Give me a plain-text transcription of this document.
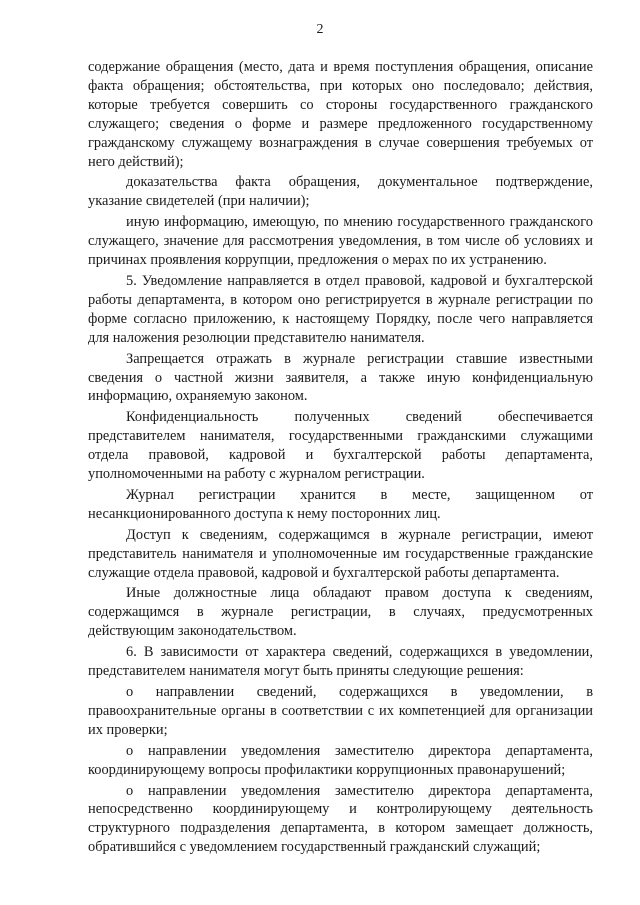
2

содержание обращения (место, дата и время поступления обращения, описание факта обращения; обстоятельства, при которых оно последовало; действия, которые требуется совершить со стороны государственного гражданского служащего; сведения о форме и размере предложенного государственному гражданскому служащему вознаграждения в случае совершения требуемых от него действий);

доказательства факта обращения, документальное подтверждение, указание свидетелей (при наличии);

иную информацию, имеющую, по мнению государственного гражданского служащего, значение для рассмотрения уведомления, в том числе об условиях и причинах проявления коррупции, предложения о мерах по их устранению.

5. Уведомление направляется в отдел правовой, кадровой и бухгалтерской работы департамента, в котором оно регистрируется в журнале регистрации по форме согласно приложению, к настоящему Порядку, после чего направляется для наложения резолюции представителю нанимателя.

Запрещается отражать в журнале регистрации ставшие известными сведения о частной жизни заявителя, а также иную конфиденциальную информацию, охраняемую законом.

Конфиденциальность полученных сведений обеспечивается представителем нанимателя, государственными гражданскими служащими отдела правовой, кадровой и бухгалтерской работы департамента, уполномоченными на работу с журналом регистрации.

Журнал регистрации хранится в месте, защищенном от несанкционированного доступа к нему посторонних лиц.

Доступ к сведениям, содержащимся в журнале регистрации, имеют представитель нанимателя и уполномоченные им государственные гражданские служащие отдела правовой, кадровой и бухгалтерской работы департамента.

Иные должностные лица обладают правом доступа к сведениям, содержащимся в журнале регистрации, в случаях, предусмотренных действующим законодательством.

6. В зависимости от характера сведений, содержащихся в уведомлении, представителем нанимателя могут быть приняты следующие решения:

о направлении сведений, содержащихся в уведомлении, в правоохранительные органы в соответствии с их компетенцией для организации их проверки;

о направлении уведомления заместителю директора департамента, координирующему вопросы профилактики коррупционных правонарушений;

о направлении уведомления заместителю директора департамента, непосредственно координирующему и контролирующему деятельность структурного подразделения департамента, в котором замещает должность, обратившийся с уведомлением государственный гражданский служащий;
